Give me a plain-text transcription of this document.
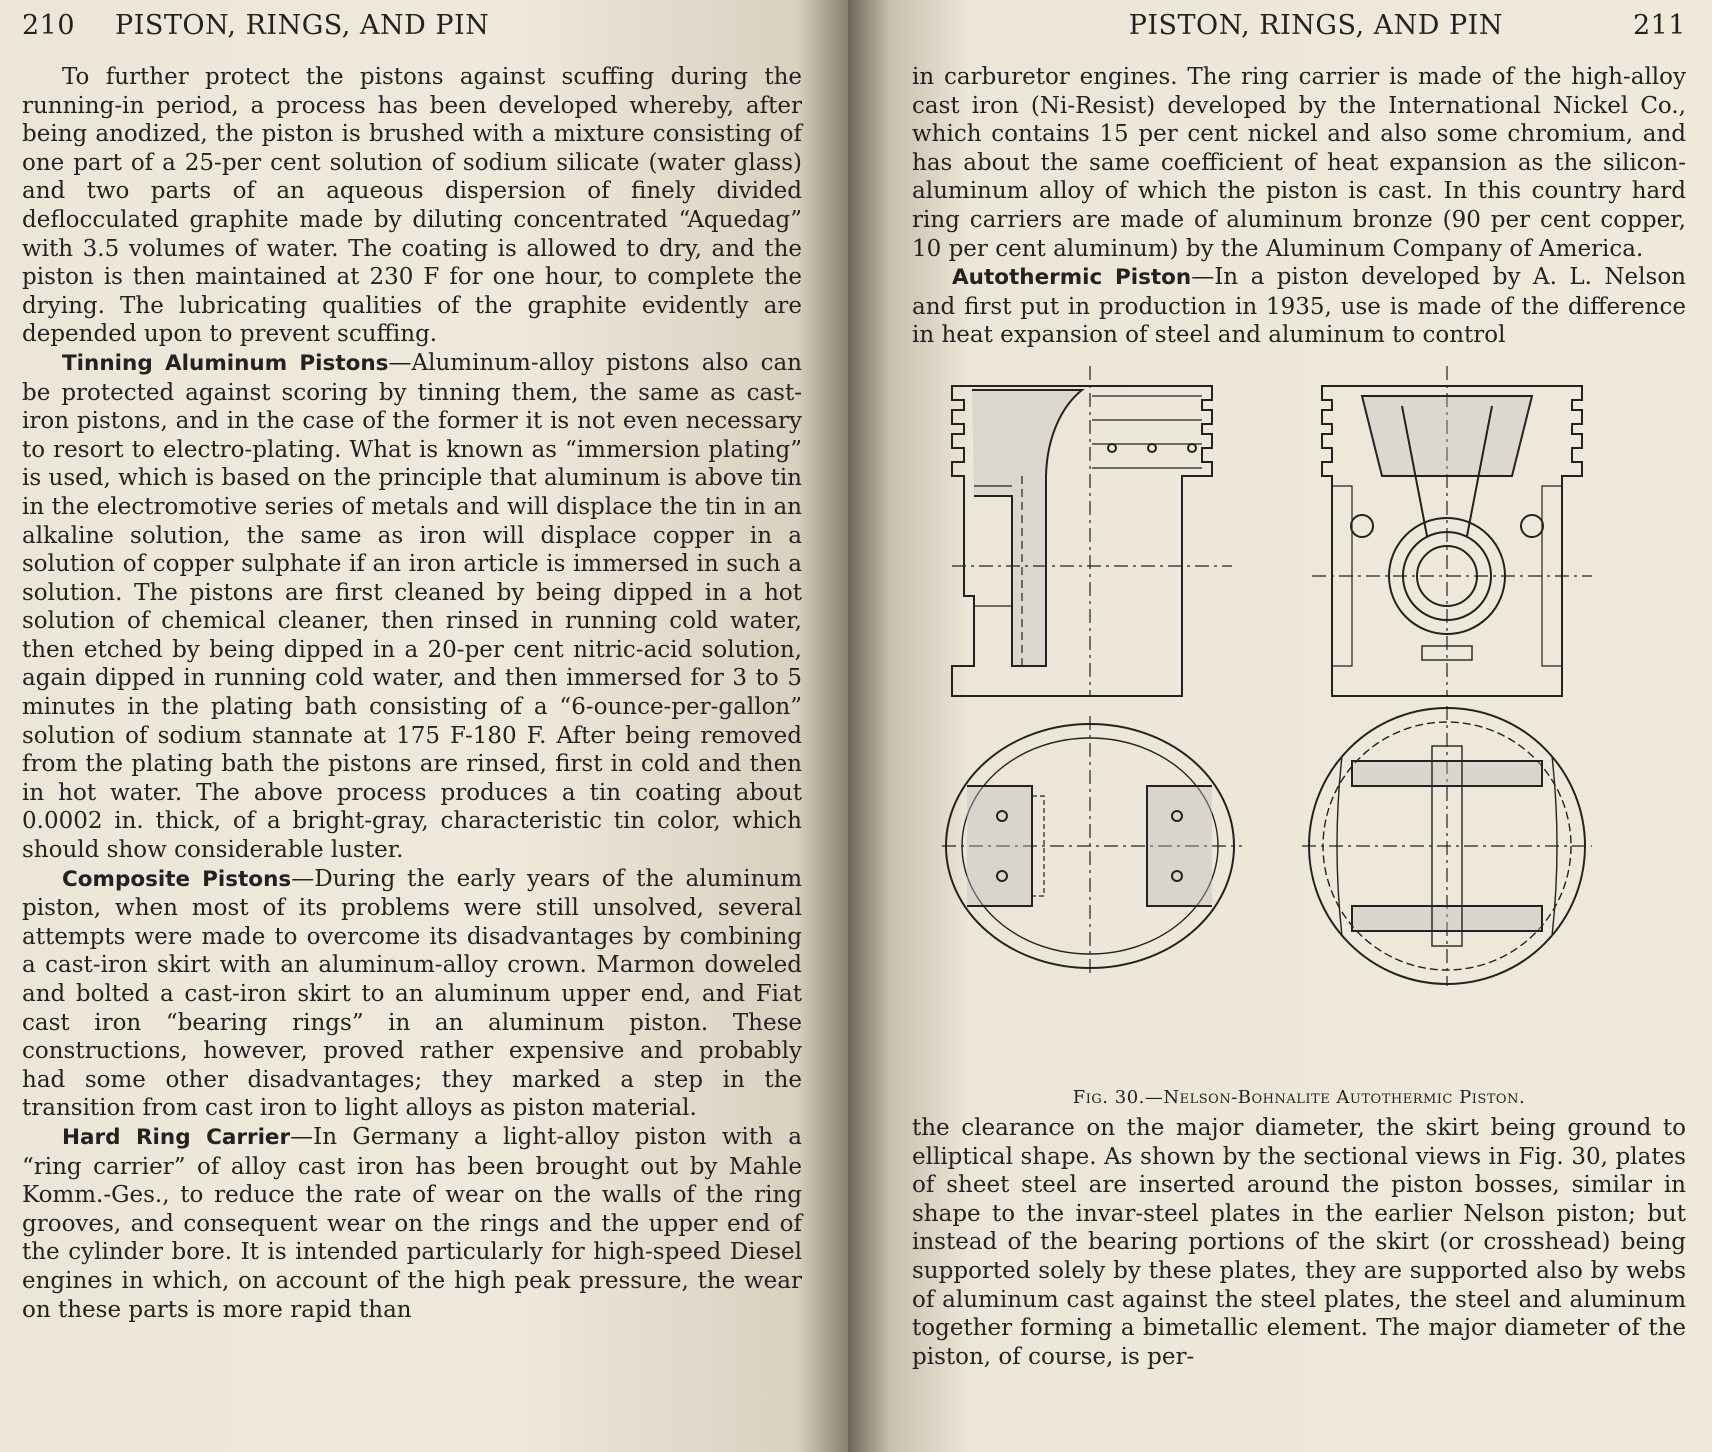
210	PISTON, RINGS, AND PIN

To further protect the pistons against scuffing during the running-in period, a process has been developed whereby, after being anodized, the piston is brushed with a mixture consisting of one part of a 25-per cent solution of sodium silicate (water glass) and two parts of an aqueous dispersion of finely divided deflocculated graphite made by diluting concentrated “Aquedag” with 3.5 volumes of water. The coating is allowed to dry, and the piston is then maintained at 230 F for one hour, to complete the drying. The lubricating qualities of the graphite evidently are depended upon to prevent scuffing.

Tinning Aluminum Pistons—Aluminum-alloy pistons also can be protected against scoring by tinning them, the same as cast-iron pistons, and in the case of the former it is not even necessary to resort to electro-plating. What is known as “immersion plating” is used, which is based on the principle that aluminum is above tin in the electromotive series of metals and will displace the tin in an alkaline solution, the same as iron will displace copper in a solution of copper sulphate if an iron article is immersed in such a solution. The pistons are first cleaned by being dipped in a hot solution of chemical cleaner, then rinsed in running cold water, then etched by being dipped in a 20-per cent nitric-acid solution, again dipped in running cold water, and then immersed for 3 to 5 minutes in the plating bath consisting of a “6-ounce-per-gallon” solution of sodium stannate at 175 F-180 F. After being removed from the plating bath the pistons are rinsed, first in cold and then in hot water. The above process produces a tin coating about 0.0002 in. thick, of a bright-gray, characteristic tin color, which should show considerable luster.

Composite Pistons—During the early years of the aluminum piston, when most of its problems were still unsolved, several attempts were made to overcome its disadvantages by combining a cast-iron skirt with an aluminum-alloy crown. Marmon doweled and bolted a cast-iron skirt to an aluminum upper end, and Fiat cast iron “bearing rings” in an aluminum piston. These constructions, however, proved rather expensive and probably had some other disadvantages; they marked a step in the transition from cast iron to light alloys as piston material.

Hard Ring Carrier—In Germany a light-alloy piston with a “ring carrier” of alloy cast iron has been brought out by Mahle Komm.-Ges., to reduce the rate of wear on the walls of the ring grooves, and consequent wear on the rings and the upper end of the cylinder bore. It is intended particularly for high-speed Diesel engines in which, on account of the high peak pressure, the wear on these parts is more rapid than

PISTON, RINGS, AND PIN	211

in carburetor engines. The ring carrier is made of the high-alloy cast iron (Ni-Resist) developed by the International Nickel Co., which contains 15 per cent nickel and also some chromium, and has about the same coefficient of heat expansion as the silicon-aluminum alloy of which the piston is cast. In this country hard ring carriers are made of aluminum bronze (90 per cent copper, 10 per cent aluminum) by the Aluminum Company of America.

Autothermic Piston—In a piston developed by A. L. Nelson and first put in production in 1935, use is made of the difference in heat expansion of steel and aluminum to control

Fig. 30.—Nelson-Bohnalite Autothermic Piston.

the clearance on the major diameter, the skirt being ground to elliptical shape. As shown by the sectional views in Fig. 30, plates of sheet steel are inserted around the piston bosses, similar in shape to the invar-steel plates in the earlier Nelson piston; but instead of the bearing portions of the skirt (or crosshead) being supported solely by these plates, they are supported also by webs of aluminum cast against the steel plates, the steel and aluminum together forming a bimetallic element. The major diameter of the piston, of course, is per-
